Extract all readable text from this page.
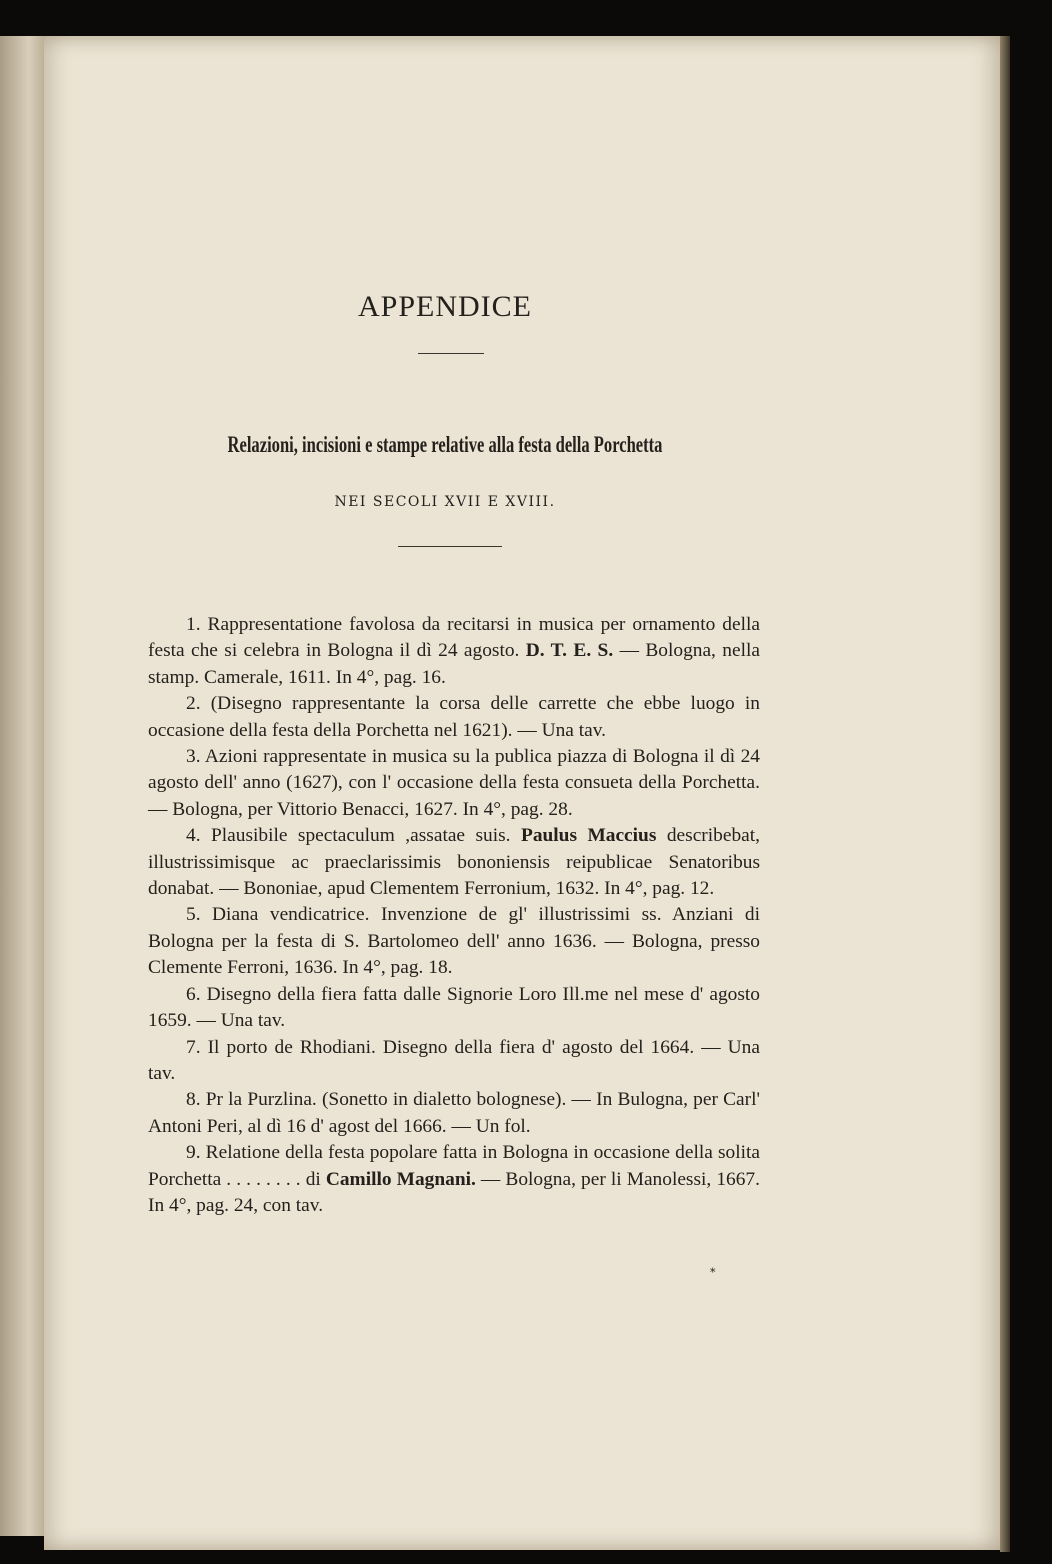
APPENDICE
Relazioni, incisioni e stampe relative alla festa della Porchetta
NEI SECOLI XVII E XVIII.

1. Rappresentatione favolosa da recitarsi in musica per ornamento della festa che si celebra in Bologna il dì 24 agosto. D. T. E. S. — Bologna, nella stamp. Camerale, 1611. In 4°, pag. 16.

2. (Disegno rappresentante la corsa delle carrette che ebbe luogo in occasione della festa della Porchetta nel 1621). — Una tav.

3. Azioni rappresentate in musica su la publica piazza di Bologna il dì 24 agosto dell' anno (1627), con l' occasione della festa consueta della Porchetta. — Bologna, per Vittorio Benacci, 1627. In 4°, pag. 28.

4. Plausibile spectaculum ,assatae suis. Paulus Maccius describebat, illustrissimisque ac praeclarissimis bononiensis reipublicae Senatoribus donabat. — Bononiae, apud Clementem Ferronium, 1632. In 4°, pag. 12.

5. Diana vendicatrice. Invenzione de gl' illustrissimi ss. Anziani di Bologna per la festa di S. Bartolomeo dell' anno 1636. — Bologna, presso Clemente Ferroni, 1636. In 4°, pag. 18.

6. Disegno della fiera fatta dalle Signorie Loro Ill.me nel mese d' agosto 1659. — Una tav.

7. Il porto de Rhodiani. Disegno della fiera d' agosto del 1664. — Una tav.

8. Pr la Purzlina. (Sonetto in dialetto bolognese). — In Bulogna, per Carl' Antoni Peri, al dì 16 d' agost del 1666. — Un fol.

9. Relatione della festa popolare fatta in Bologna in occasione della solita Porchetta . . . . . . . . di Camillo Magnani. — Bologna, per li Manolessi, 1667. In 4°, pag. 24, con tav.

*
